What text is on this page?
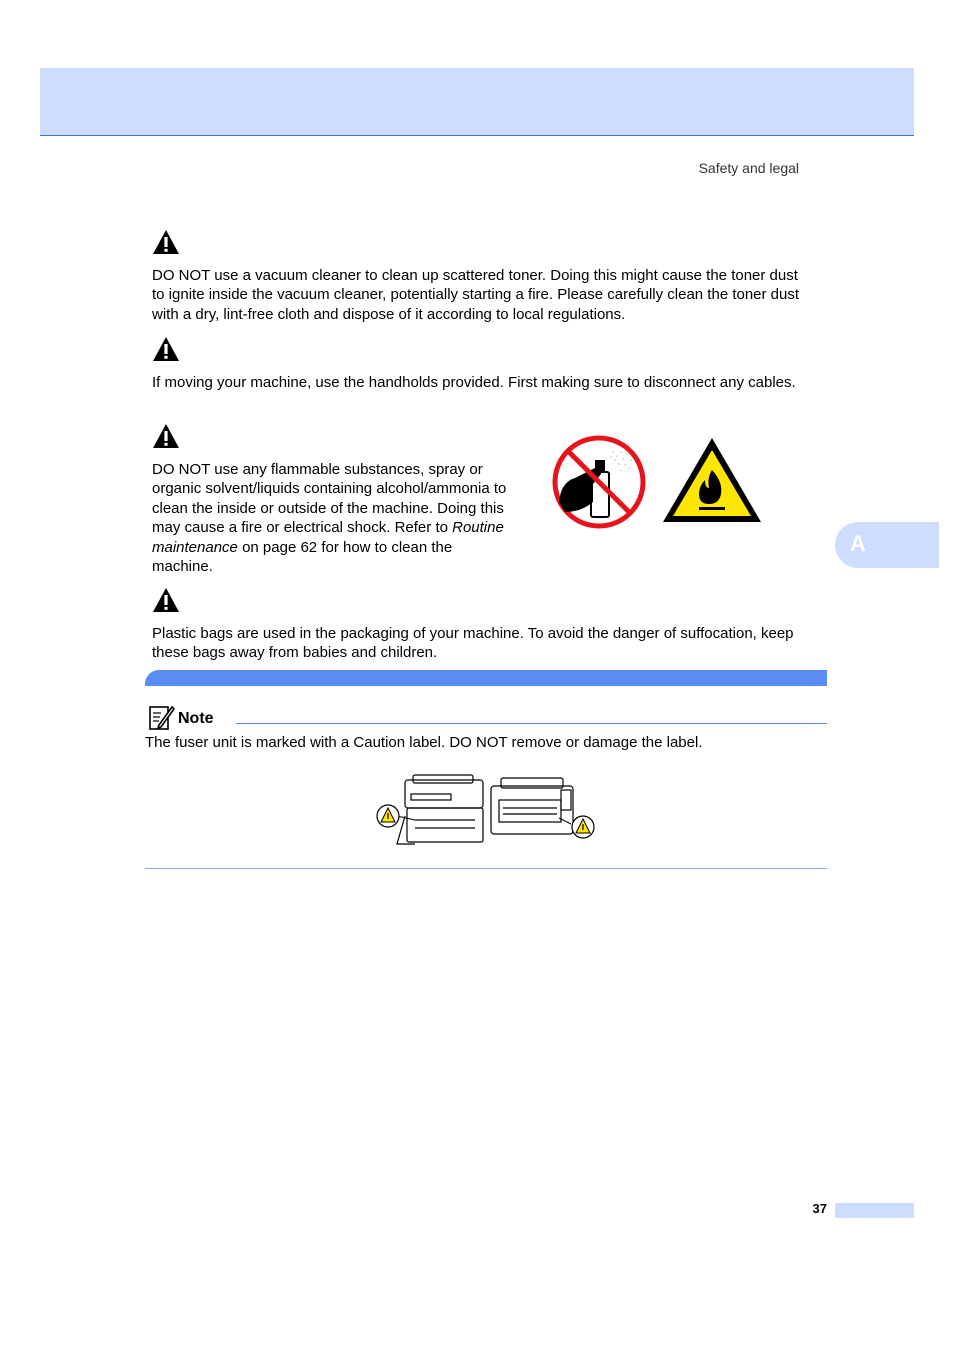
Safety and legal
A

DO NOT use a vacuum cleaner to clean up scattered toner. Doing this might cause the toner dust to ignite inside the vacuum cleaner, potentially starting a fire. Please carefully clean the toner dust with a dry, lint-free cloth and dispose of it according to local regulations.

If moving your machine, use the handholds provided. First making sure to disconnect any cables.

DO NOT use any flammable substances, spray or organic solvent/liquids containing alcohol/ammonia to clean the inside or outside of the machine. Doing this may cause a fire or electrical shock. Refer to Routine maintenance on page 62 for how to clean the machine.

Plastic bags are used in the packaging of your machine. To avoid the danger of suffocation, keep these bags away from babies and children.

Note
The fuser unit is marked with a Caution label. DO NOT remove or damage the label.
37
